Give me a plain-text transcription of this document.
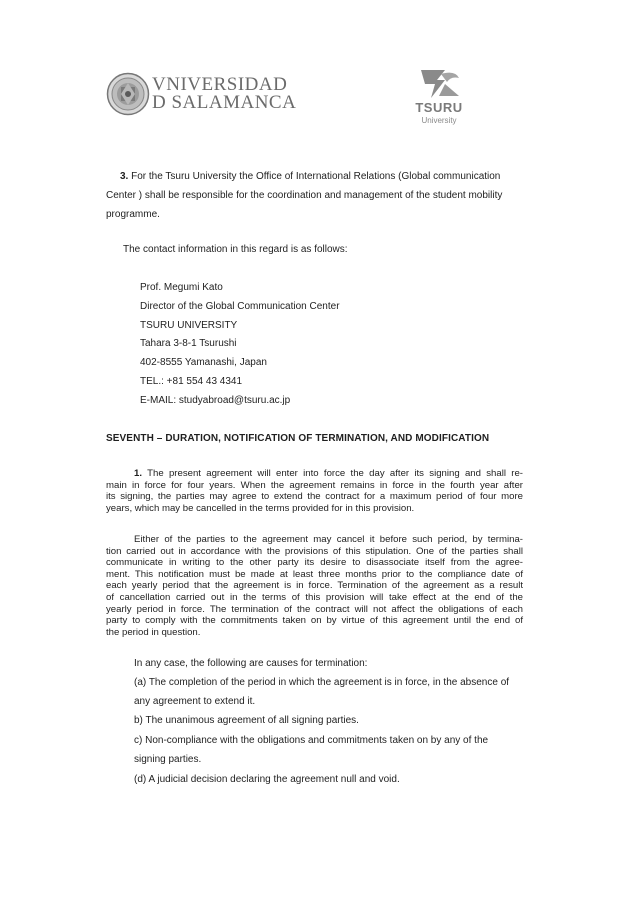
VNIVERSIDAD
D SALAMANCA	TSURU
University
3. For the Tsuru University the Office of International Relations (Global communication
Center ) shall be responsible for the coordination and management of the student mobility
programme.
The contact information in this regard is as follows:
Prof. Megumi Kato
Director of the Global Communication Center
TSURU UNIVERSITY
Tahara 3-8-1 Tsurushi
402-8555 Yamanashi, Japan
TEL.: +81 554 43 4341
E-MAIL: studyabroad@tsuru.ac.jp
SEVENTH – DURATION, NOTIFICATION OF TERMINATION, AND MODIFICATION
1. The present agreement will enter into force the day after its signing and shall re-
main in force for four years. When the agreement remains in force in the fourth year after
its signing, the parties may agree to extend the contract for a maximum period of four more
years, which may be cancelled in the terms provided for in this provision.
Either of the parties to the agreement may cancel it before such period, by termina-
tion carried out in accordance with the provisions of this stipulation. One of the parties shall
communicate in writing to the other party its desire to disassociate itself from the agree-
ment. This notification must be made at least three months prior to the compliance date of
each yearly period that the agreement is in force. Termination of the agreement as a result
of cancellation carried out in the terms of this provision will take effect at the end of the
yearly period in force. The termination of the contract will not affect the obligations of each
party to comply with the commitments taken on by virtue of this agreement until the end of
the period in question.
In any case, the following are causes for termination:
(a) The completion of the period in which the agreement is in force, in the absence of
any agreement to extend it.
b) The unanimous agreement of all signing parties.
c) Non-compliance with the obligations and commitments taken on by any of the
signing parties.
(d) A judicial decision declaring the agreement null and void.
